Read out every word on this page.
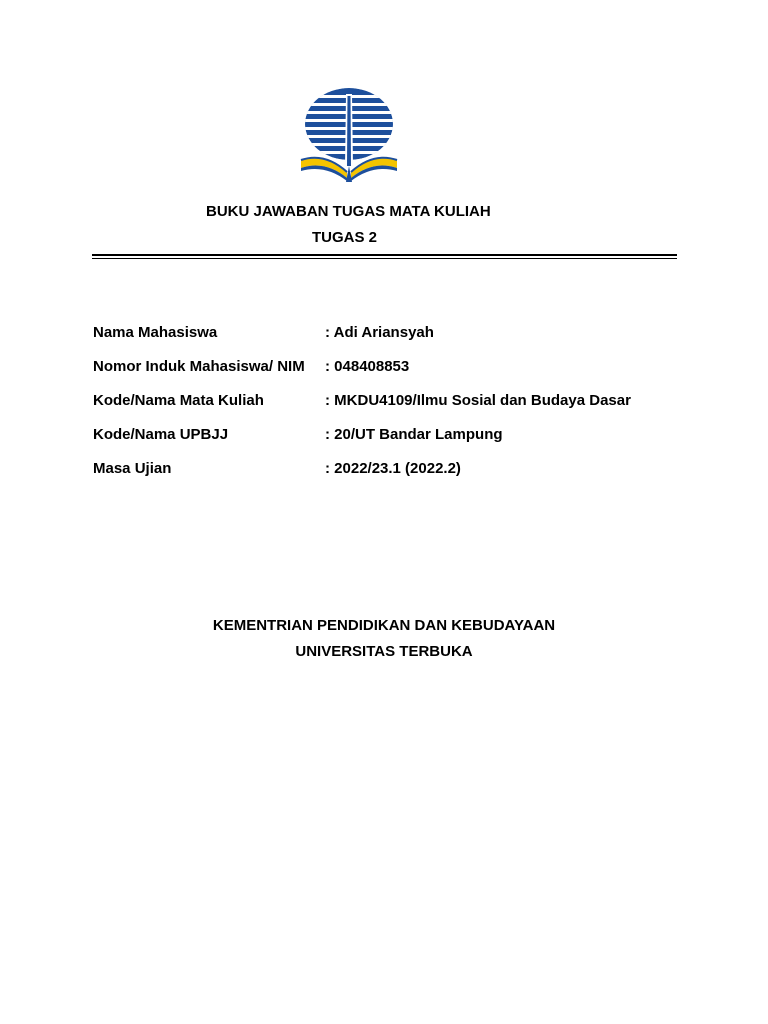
BUKU JAWABAN TUGAS MATA KULIAH
TUGAS 2
Nama Mahasiswa	: Adi Ariansyah
Nomor Induk Mahasiswa/ NIM : 048408853
Kode/Nama Mata Kuliah	: MKDU4109/Ilmu Sosial dan Budaya Dasar
Kode/Nama UPBJJ	: 20/UT Bandar Lampung
Masa Ujian	: 2022/23.1 (2022.2)
KEMENTRIAN PENDIDIKAN DAN KEBUDAYAAN
UNIVERSITAS TERBUKA
